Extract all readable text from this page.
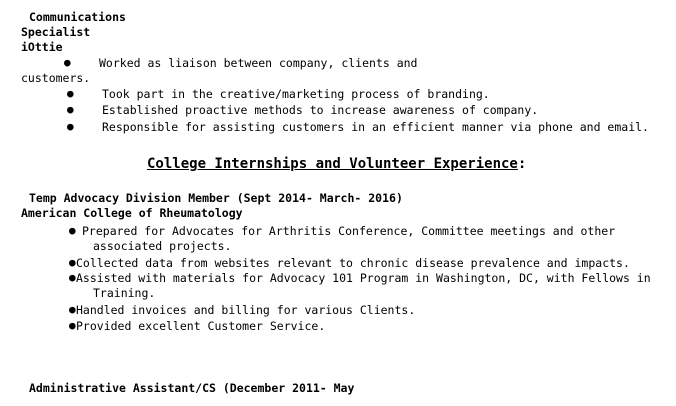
Communications
Specialist
iOttie
● Worked as liaison between company, clients and
customers.
● Took part in the creative/marketing process of branding.
● Established proactive methods to increase awareness of company.
● Responsible for assisting customers in an efficient manner via phone and email.
College Internships and Volunteer Experience:
Temp Advocacy Division Member (Sept 2014- March- 2016)
American College of Rheumatology
● Prepared for Advocates for Arthritis Conference, Committee meetings and other
associated projects.
● Collected data from websites relevant to chronic disease prevalence and impacts.
● Assisted with materials for Advocacy 101 Program in Washington, DC, with Fellows in
Training.
● Handled invoices and billing for various Clients.
● Provided excellent Customer Service.
Administrative Assistant/CS (December 2011- May
